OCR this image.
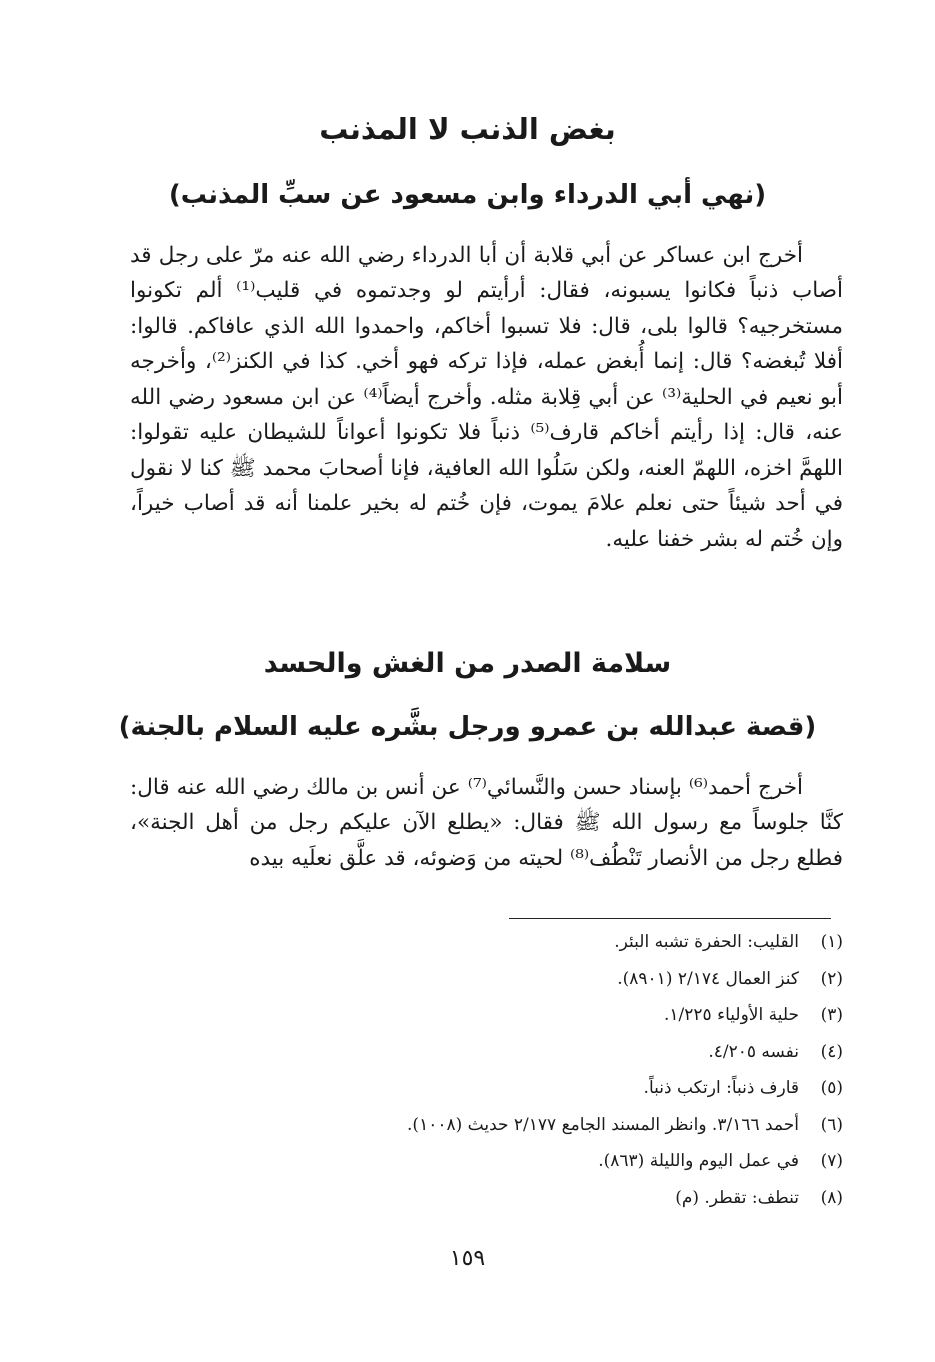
بغض الذنب لا المذنب
(نهي أبي الدرداء وابن مسعود عن سبِّ المذنب)

أخرج ابن عساكر عن أبي قلابة أن أبا الدرداء رضي الله عنه مرّ على رجل قد أصاب ذنباً فكانوا يسبونه، فقال: أرأيتم لو وجدتموه في قليب⁽¹⁾ ألم تكونوا مستخرجيه؟ قالوا بلى، قال: فلا تسبوا أخاكم، واحمدوا الله الذي عافاكم. قالوا: أفلا تُبغضه؟ قال: إنما أُبغض عمله، فإذا تركه فهو أخي. كذا في الكنز⁽²⁾، وأخرجه أبو نعيم في الحلية⁽³⁾ عن أبي قِلابة مثله. وأخرج أيضاً⁽⁴⁾ عن ابن مسعود رضي الله عنه، قال: إذا رأيتم أخاكم قارف⁽⁵⁾ ذنباً فلا تكونوا أعواناً للشيطان عليه تقولوا: اللهمَّ اخزه، اللهمّ العنه، ولكن سَلُوا الله العافية، فإنا أصحابَ محمد ﷺ كنا لا نقول في أحد شيئاً حتى نعلم علامَ يموت، فإن خُتم له بخير علمنا أنه قد أصاب خيراً، وإن خُتم له بشر خفنا عليه.

سلامة الصدر من الغش والحسد
(قصة عبدالله بن عمرو ورجل بشَّره عليه السلام بالجنة)

أخرج أحمد⁽⁶⁾ بإسناد حسن والنَّسائي⁽⁷⁾ عن أنس بن مالك رضي الله عنه قال: كنَّا جلوساً مع رسول الله ﷺ فقال: «يطلع الآن عليكم رجل من أهل الجنة»، فطلع رجل من الأنصار تَنْطُف⁽⁸⁾ لحيته من وَضوئه، قد علَّق نعلَيه بيده

(١)
القليب: الحفرة تشبه البئر.
(٢)
كنز العمال ٢/١٧٤ (٨٩٠١).
(٣)
حلية الأولياء ١/٢٢٥.
(٤)
نفسه ٤/٢٠٥.
(٥)
قارف ذنباً: ارتكب ذنباً.
(٦)
أحمد ٣/١٦٦. وانظر المسند الجامع ٢/١٧٧ حديث (١٠٠٨).
(٧)
في عمل اليوم والليلة (٨٦٣).
(٨)
تنطف: تقطر. (م)
١٥٩
